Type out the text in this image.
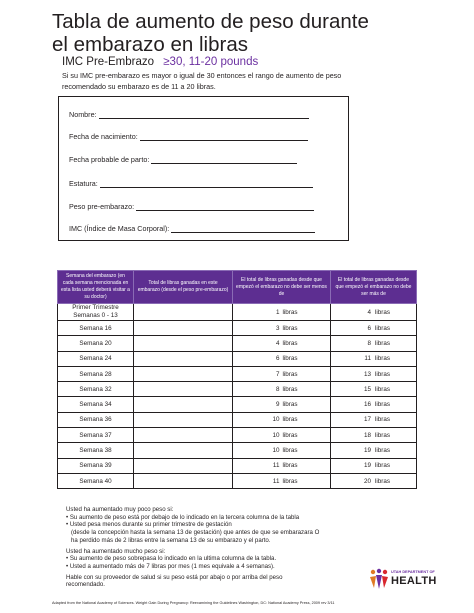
Tabla de aumento de peso durante
el embarazo en libras
IMC Pre-Embrazo ≥30, 11-20 pounds
Si su IMC pre-embarazo es mayor o igual de 30 entonces el rango de aumento de peso
recomendado su embarazo es de 11 a 20 libras.
Nombre:
Fecha de nacimiento:
Fecha probable de parto:
Estatura:
Peso pre-embarazo:
IMC (Índice de Masa Corporal):
Semana del embarazo (en cada semana mencionada en esta lista usted deberá visitar a su doctor)	Total de libras ganadas en este embarazo (desde el peso pre-embarazo)	El total de libras ganadas desde que empezó el embarazo no debe ser menos de	El total de libras ganadas desde que empezó el embarazo no debe ser más de

Primer Trimestre
Semanas 0 - 13		1 libras	4 libras
Semana 16		3 libras	6 libras
Semana 20		4 libras	8 libras
Semana 24		6 libras	11 libras
Semana 28		7 libras	13 libras
Semana 32		8 libras	15 libras
Semana 34		9 libras	16 libras
Semana 36		10 libras	17 libras
Semana 37		10 libras	18 libras
Semana 38		10 libras	19 libras
Semana 39		11 libras	19 libras
Semana 40		11 libras	20 libras
Usted ha aumentado muy poco peso si:
• Su aumento de peso está por debajo de lo indicado en la tercera columna de la tabla
• Usted pesa menos durante su primer trimestre de gestación
(desde la concepción hasta la semana 13 de gestación) que antes de que se embarazara O
ha perdido más de 2 libras entre la semana 13 de su embarazo y el parto.
Usted ha aumentado mucho peso si:
• Su aumento de peso sobrepasa lo indicado en la ultima columna de la tabla.
• Usted a aumentado más de 7 libras por mes (1 mes equivale a 4 semanas).
Hable con su proveedor de salud si su peso está por abajo o por arriba del peso
recomendado.
UTAH DEPARTMENT OF
HEALTH
Adapted from the National Academy of Sciences. Weight Gain During Pregnancy: Reexamining the Guidelines Washington, DC: National Academy Press, 2009 rev 3/11
